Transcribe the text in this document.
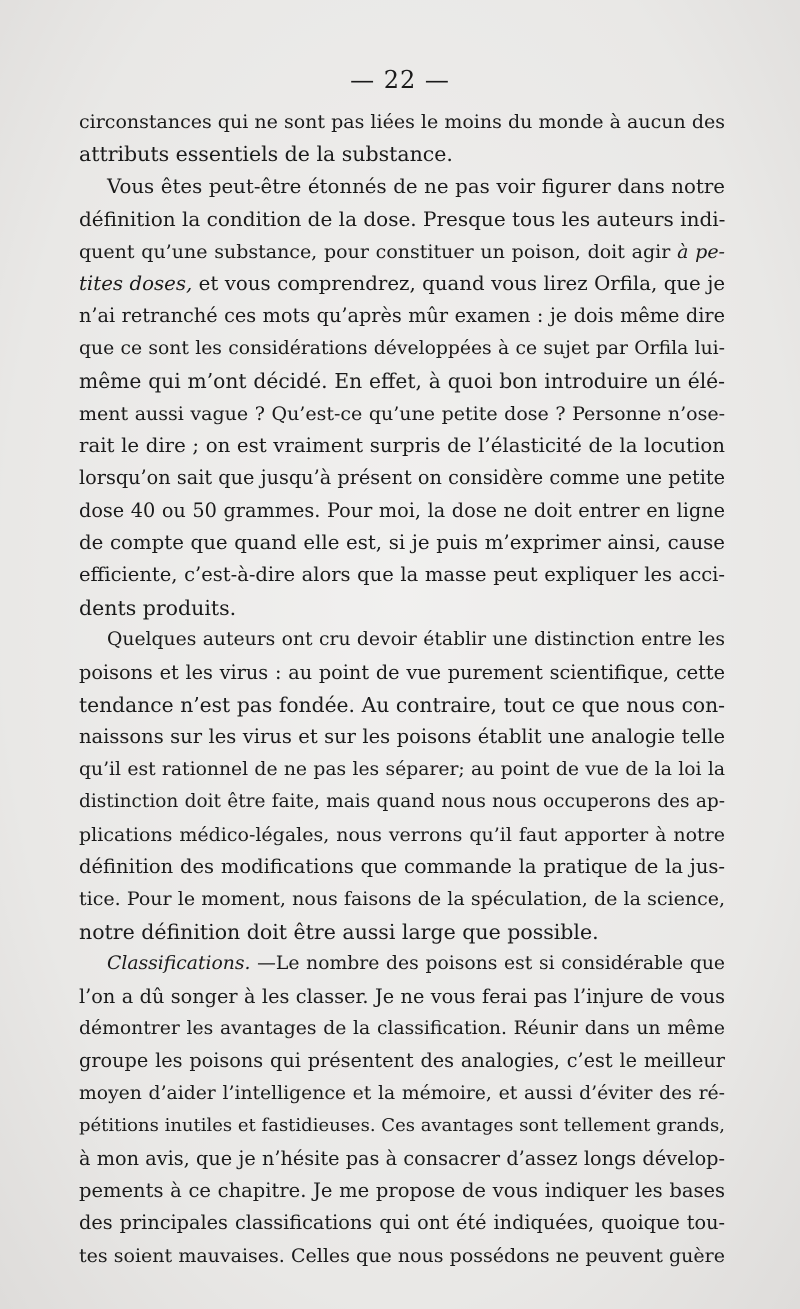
— 22 —
circonstances qui ne sont pas liées le moins du monde à aucun des
attributs essentiels de la substance.
Vous êtes peut-être étonnés de ne pas voir figurer dans notre
définition la condition de la dose. Presque tous les auteurs indi-
quent qu’une substance, pour constituer un poison, doit agir à pe-
tites doses, et vous comprendrez, quand vous lirez Orfila, que je
n’ai retranché ces mots qu’après mûr examen : je dois même dire
que ce sont les considérations développées à ce sujet par Orfila lui-
même qui m’ont décidé. En effet, à quoi bon introduire un élé-
ment aussi vague ? Qu’est-ce qu’une petite dose ? Personne n’ose-
rait le dire ; on est vraiment surpris de l’élasticité de la locution
lorsqu’on sait que jusqu’à présent on considère comme une petite
dose 40 ou 50 grammes. Pour moi, la dose ne doit entrer en ligne
de compte que quand elle est, si je puis m’exprimer ainsi, cause
efficiente, c’est-à-dire alors que la masse peut expliquer les acci-
dents produits.
Quelques auteurs ont cru devoir établir une distinction entre les
poisons et les virus : au point de vue purement scientifique, cette
tendance n’est pas fondée. Au contraire, tout ce que nous con-
naissons sur les virus et sur les poisons établit une analogie telle
qu’il est rationnel de ne pas les séparer; au point de vue de la loi la
distinction doit être faite, mais quand nous nous occuperons des ap-
plications médico-légales, nous verrons qu’il faut apporter à notre
définition des modifications que commande la pratique de la jus-
tice. Pour le moment, nous faisons de la spéculation, de la science,
notre définition doit être aussi large que possible.
Classifications. —Le nombre des poisons est si considérable que
l’on a dû songer à les classer. Je ne vous ferai pas l’injure de vous
démontrer les avantages de la classification. Réunir dans un même
groupe les poisons qui présentent des analogies, c’est le meilleur
moyen d’aider l’intelligence et la mémoire, et aussi d’éviter des ré-
pétitions inutiles et fastidieuses. Ces avantages sont tellement grands,
à mon avis, que je n’hésite pas à consacrer d’assez longs dévelop-
pements à ce chapitre. Je me propose de vous indiquer les bases
des principales classifications qui ont été indiquées, quoique tou-
tes soient mauvaises. Celles que nous possédons ne peuvent guère
